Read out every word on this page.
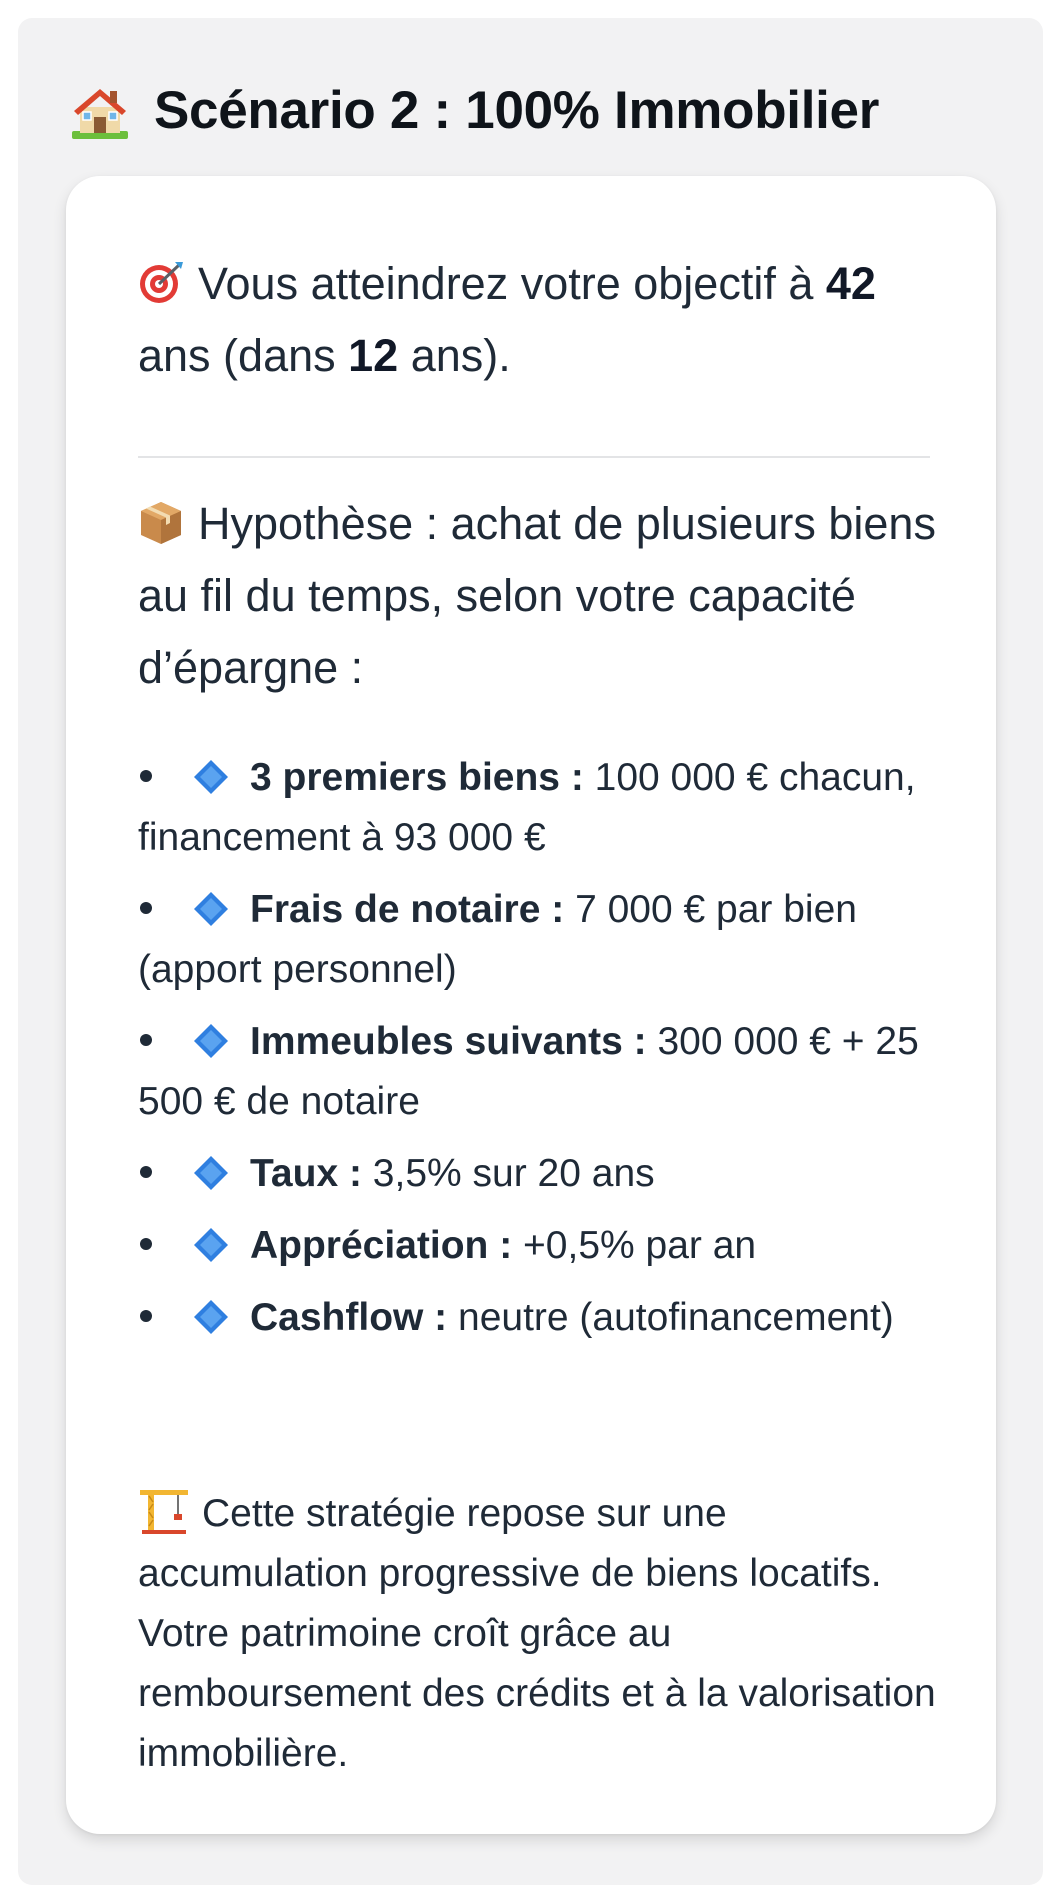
Scénario 2 : 100% Immobilier
Vous atteindrez votre objectif à 42 ans (dans 12 ans).
Hypothèse : achat de plusieurs biens au fil du temps, selon votre capacité d’épargne :
3 premiers biens : 100 000 € chacun, financement à 93 000 €
Frais de notaire : 7 000 € par bien (apport personnel)
Immeubles suivants : 300 000 € + 25 500 € de notaire
Taux : 3,5% sur 20 ans
Appréciation : +0,5% par an
Cashflow : neutre (autofinancement)
Cette stratégie repose sur une accumulation progressive de biens locatifs. Votre patrimoine croît grâce au remboursement des crédits et à la valorisation immobilière.
